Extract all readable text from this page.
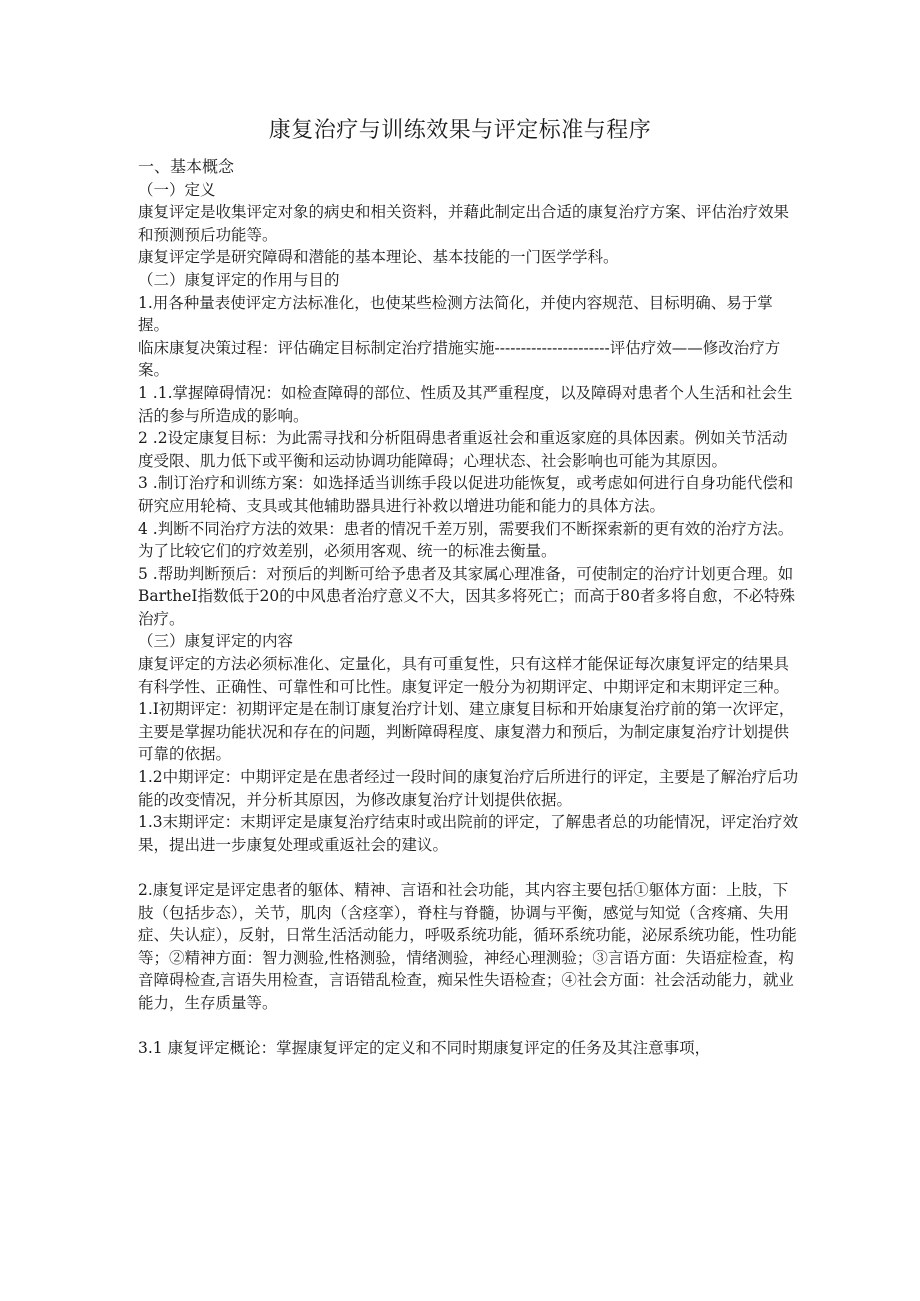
康复治疗与训练效果与评定标准与程序

一、基本概念

（一）定义

康复评定是收集评定对象的病史和相关资料，并藉此制定出合适的康复治疗方案、评估治疗效果和预测预后功能等。

康复评定学是研究障碍和潜能的基本理论、基本技能的一门医学学科。

（二）康复评定的作用与目的

1.用各种量表使评定方法标准化，也使某些检测方法简化，并使内容规范、目标明确、易于掌握。

临床康复决策过程：评估确定目标制定治疗措施实施----------------------评估疗效——修改治疗方案。

1 .1.掌握障碍情况：如检查障碍的部位、性质及其严重程度，以及障碍对患者个人生活和社会生活的参与所造成的影响。

2 .2设定康复目标：为此需寻找和分析阻碍患者重返社会和重返家庭的具体因素。例如关节活动度受限、肌力低下或平衡和运动协调功能障碍；心理状态、社会影响也可能为其原因。

3 .制订治疗和训练方案：如选择适当训练手段以促进功能恢复，或考虑如何进行自身功能代偿和研究应用轮椅、支具或其他辅助器具进行补救以增进功能和能力的具体方法。

4 .判断不同治疗方法的效果：患者的情况千差万别，需要我们不断探索新的更有效的治疗方法。为了比较它们的疗效差别，必须用客观、统一的标准去衡量。

5 .帮助判断预后：对预后的判断可给予患者及其家属心理准备，可使制定的治疗计划更合理。如BartheI指数低于20的中风患者治疗意义不大，因其多将死亡；而高于80者多将自愈，不必特殊治疗。

（三）康复评定的内容

康复评定的方法必须标准化、定量化，具有可重复性，只有这样才能保证每次康复评定的结果具有科学性、正确性、可靠性和可比性。康复评定一般分为初期评定、中期评定和末期评定三种。

1.I初期评定：初期评定是在制订康复治疗计划、建立康复目标和开始康复治疗前的第一次评定，主要是掌握功能状况和存在的问题，判断障碍程度、康复潜力和预后，为制定康复治疗计划提供可靠的依据。

1.2中期评定：中期评定是在患者经过一段时间的康复治疗后所进行的评定，主要是了解治疗后功能的改变情况，并分析其原因，为修改康复治疗计划提供依据。

1.3末期评定：末期评定是康复治疗结束时或出院前的评定，了解患者总的功能情况，评定治疗效果，提出进一步康复处理或重返社会的建议。

2.康复评定是评定患者的躯体、精神、言语和社会功能，其内容主要包括①躯体方面：上肢，下肢（包括步态），关节，肌肉（含痉挛），脊柱与脊髓，协调与平衡，感觉与知觉（含疼痛、失用症、失认症），反射，日常生活活动能力，呼吸系统功能，循环系统功能，泌尿系统功能，性功能等；②精神方面：智力测验,性格测验，情绪测验，神经心理测验；③言语方面：失语症检查，构音障碍检查,言语失用检查，言语错乱检查，痴呆性失语检查；④社会方面：社会活动能力，就业能力，生存质量等。

3.1 康复评定概论：掌握康复评定的定义和不同时期康复评定的任务及其注意事项，
